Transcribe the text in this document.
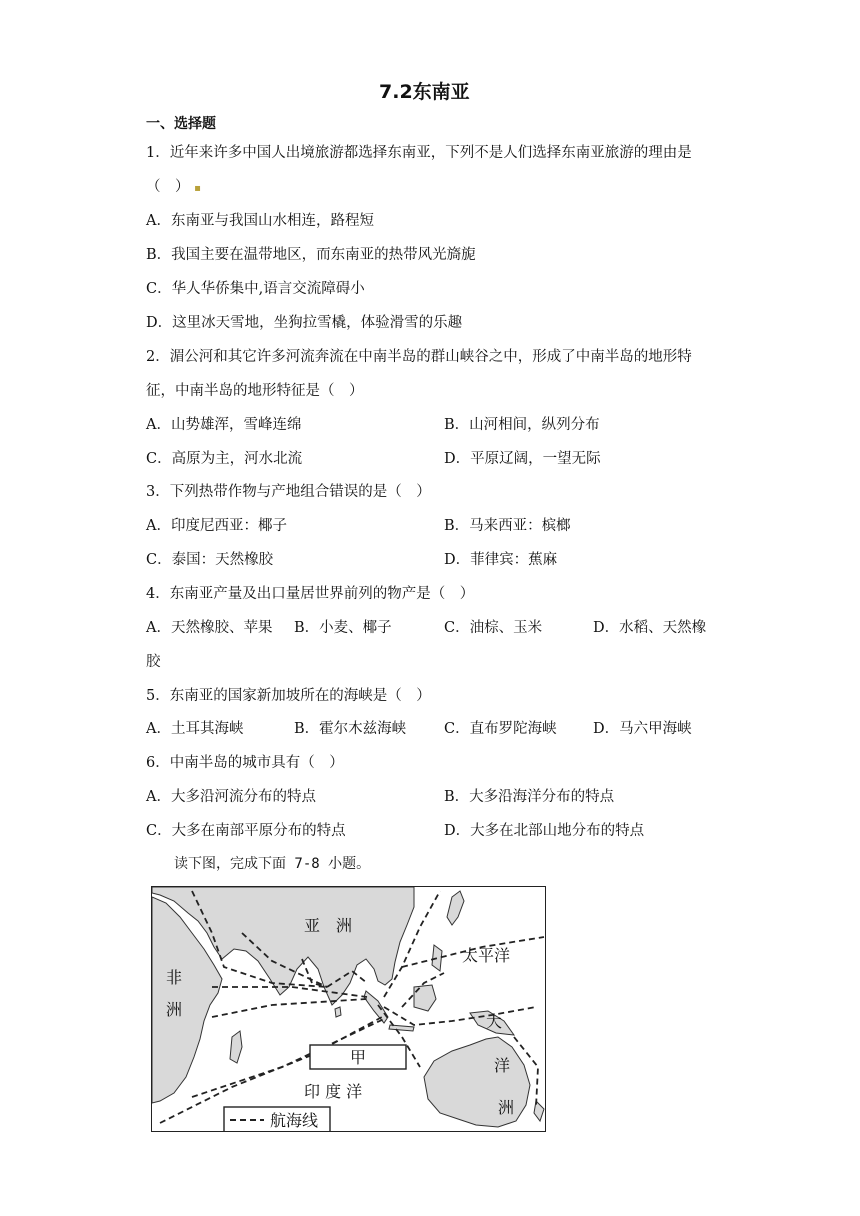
7.2东南亚
一、选择题
1．近年来许多中国人出境旅游都选择东南亚，下列不是人们选择东南亚旅游的理由是
（　） ▪
A．东南亚与我国山水相连，路程短
B．我国主要在温带地区，而东南亚的热带风光旖旎
C．华人华侨集中,语言交流障碍小
D．这里冰天雪地，坐狗拉雪橇，体验滑雪的乐趣
2．湄公河和其它许多河流奔流在中南半岛的群山峡谷之中，形成了中南半岛的地形特
征，中南半岛的地形特征是（　）
A．山势雄浑，雪峰连绵	B．山河相间，纵列分布
C．高原为主，河水北流	D．平原辽阔，一望无际
3．下列热带作物与产地组合错误的是（　）
A．印度尼西亚：椰子	B．马来西亚：槟榔
C．泰国：天然橡胶	D．菲律宾：蕉麻
4．东南亚产量及出口量居世界前列的物产是（　）
A．天然橡胶、苹果 B．小麦、椰子	C．油棕、玉米	D．水稻、天然橡
胶
5．东南亚的国家新加坡所在的海峡是（　）
A．土耳其海峡	B．霍尔木兹海峡	C．直布罗陀海峡	D．马六甲海峡
6．中南半岛的城市具有（　）
A．大多沿河流分布的特点	B．大多沿海洋分布的特点
C．大多在南部平原分布的特点	D．大多在北部山地分布的特点
读下图，完成下面 7-8 小题。
亚　洲
非
洲
太平洋
大
洋
洲
印 度 洋
甲
航海线
